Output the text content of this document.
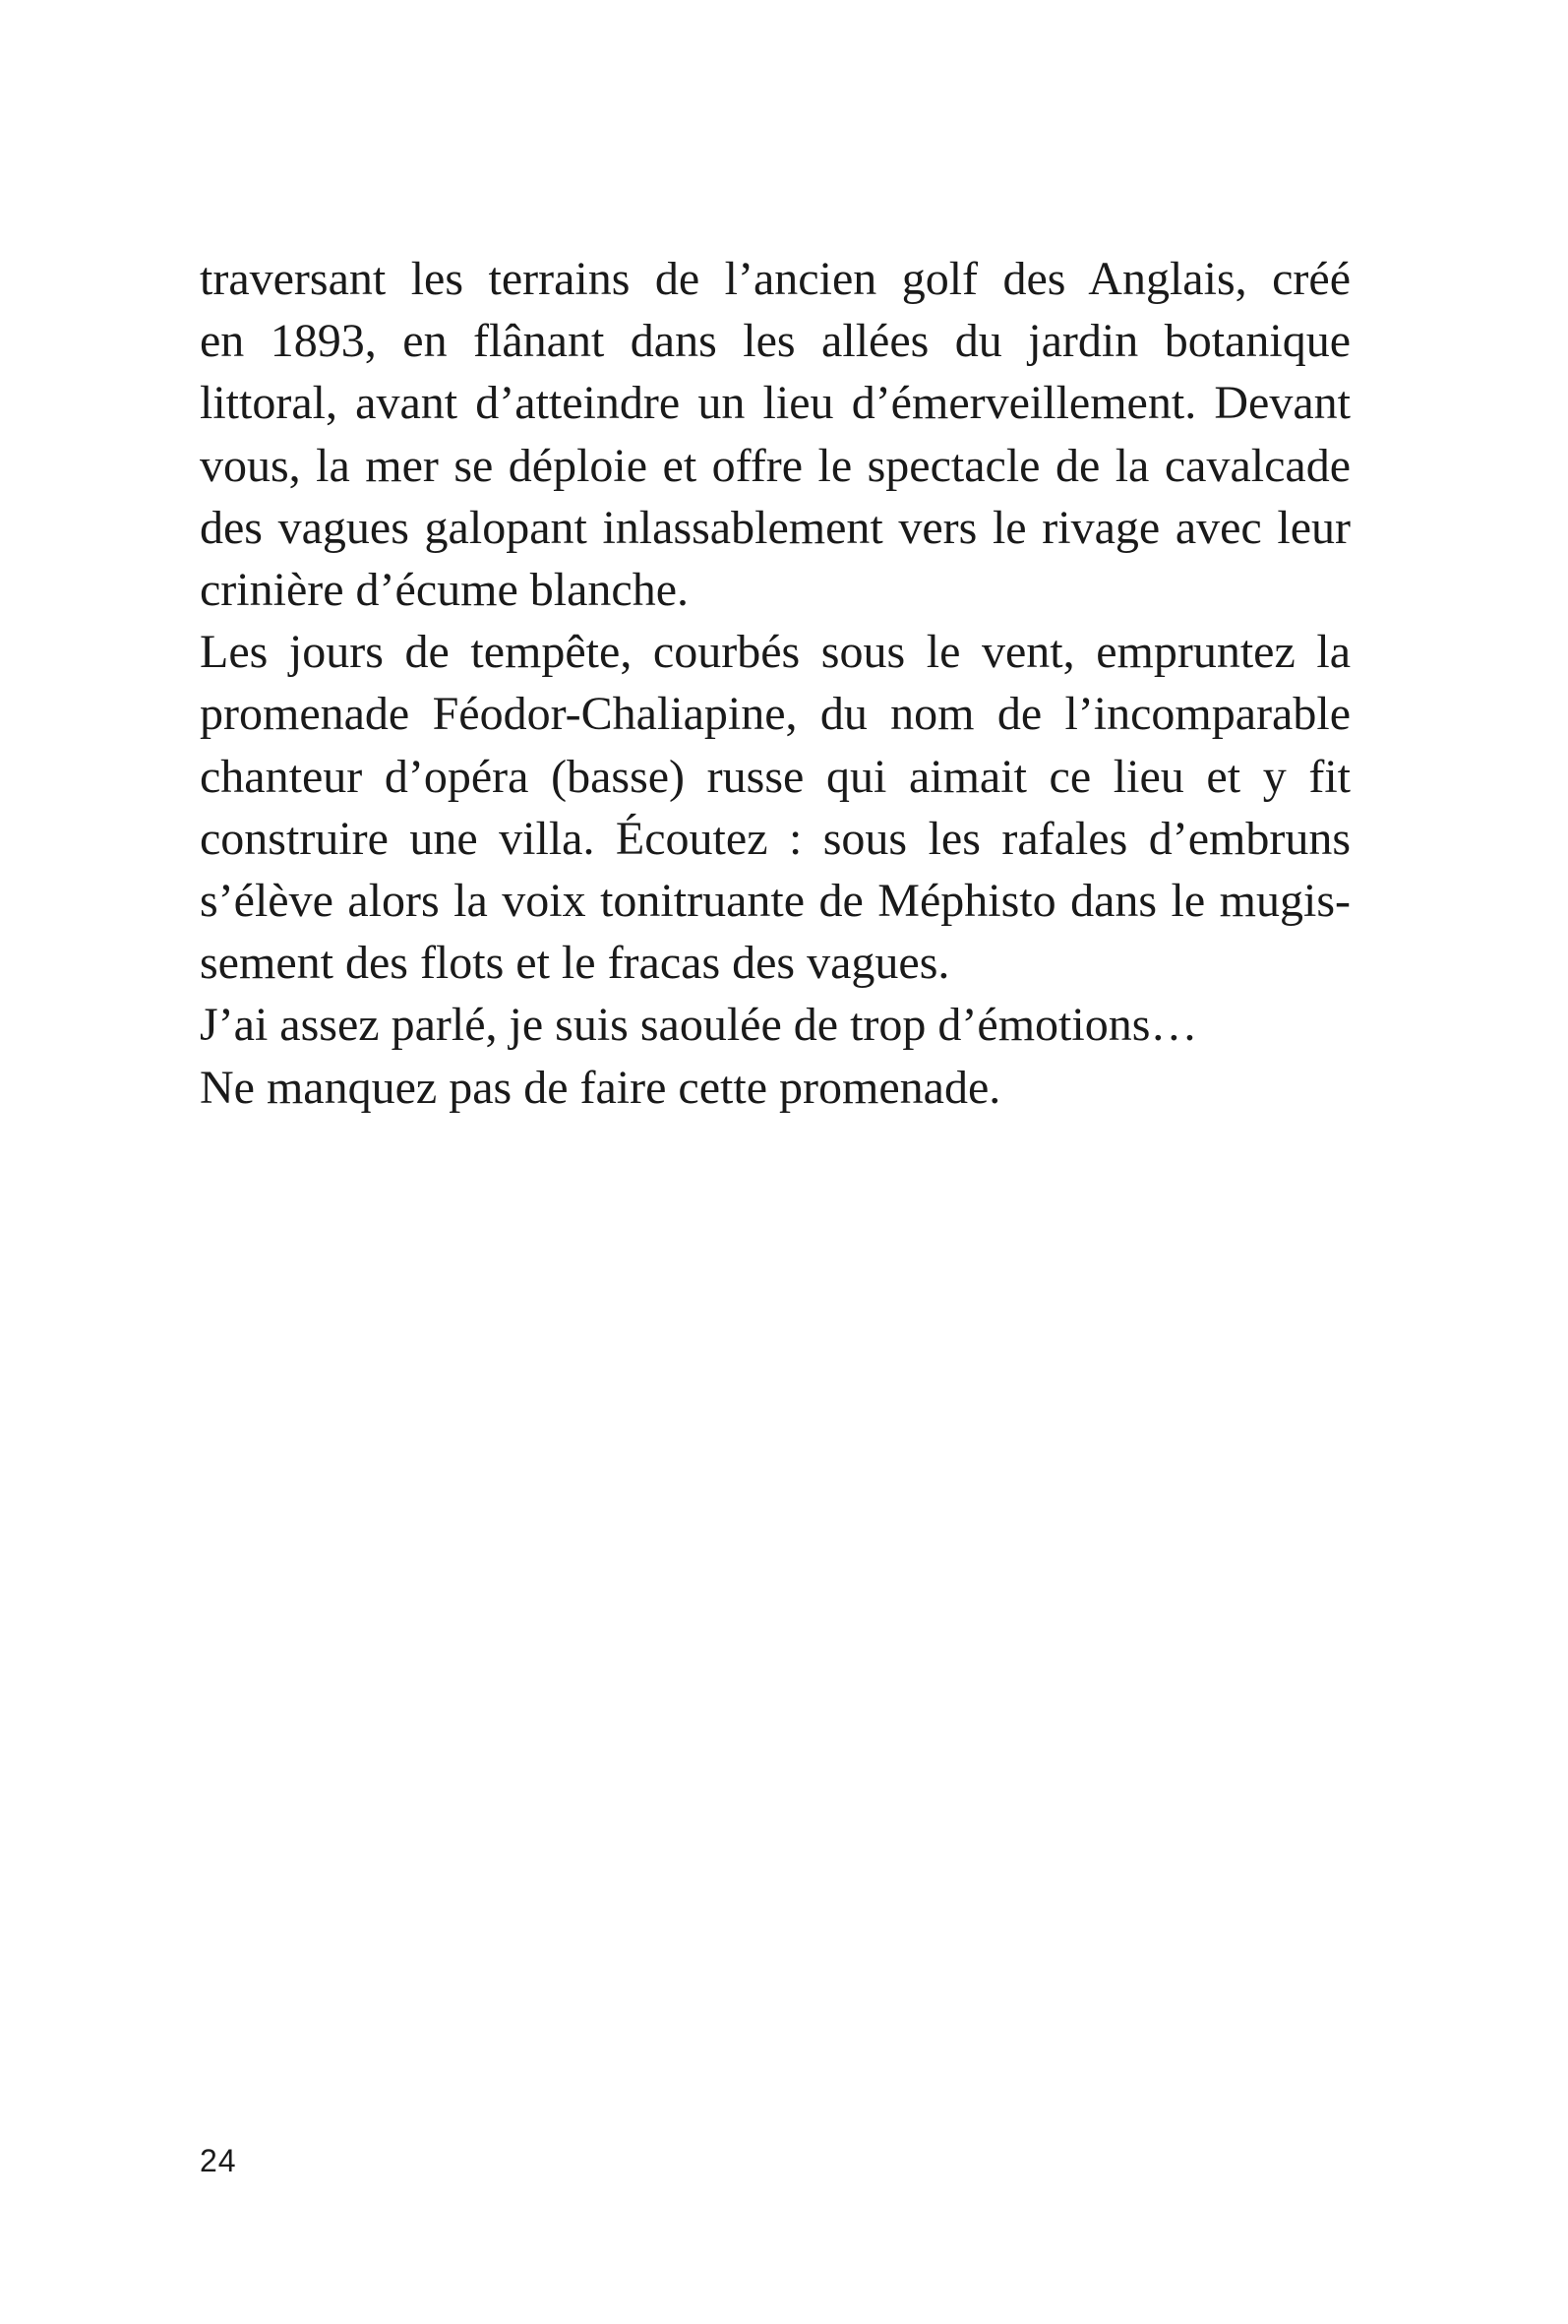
traversant les terrains de l’ancien golf des Anglais, créé
en 1893, en flânant dans les allées du jardin botanique
littoral, avant d’atteindre un lieu d’émerveillement. Devant
vous, la mer se déploie et offre le spectacle de la cavalcade
des vagues galopant inlassablement vers le rivage avec leur
crinière d’écume blanche.
Les jours de tempête, courbés sous le vent, empruntez la
promenade Féodor-Chaliapine, du nom de l’incomparable
chanteur d’opéra (basse) russe qui aimait ce lieu et y fit
construire une villa. Écoutez : sous les rafales d’embruns
s’élève alors la voix tonitruante de Méphisto dans le mugis-
sement des flots et le fracas des vagues.
J’ai assez parlé, je suis saoulée de trop d’émotions…
Ne manquez pas de faire cette promenade.
24
